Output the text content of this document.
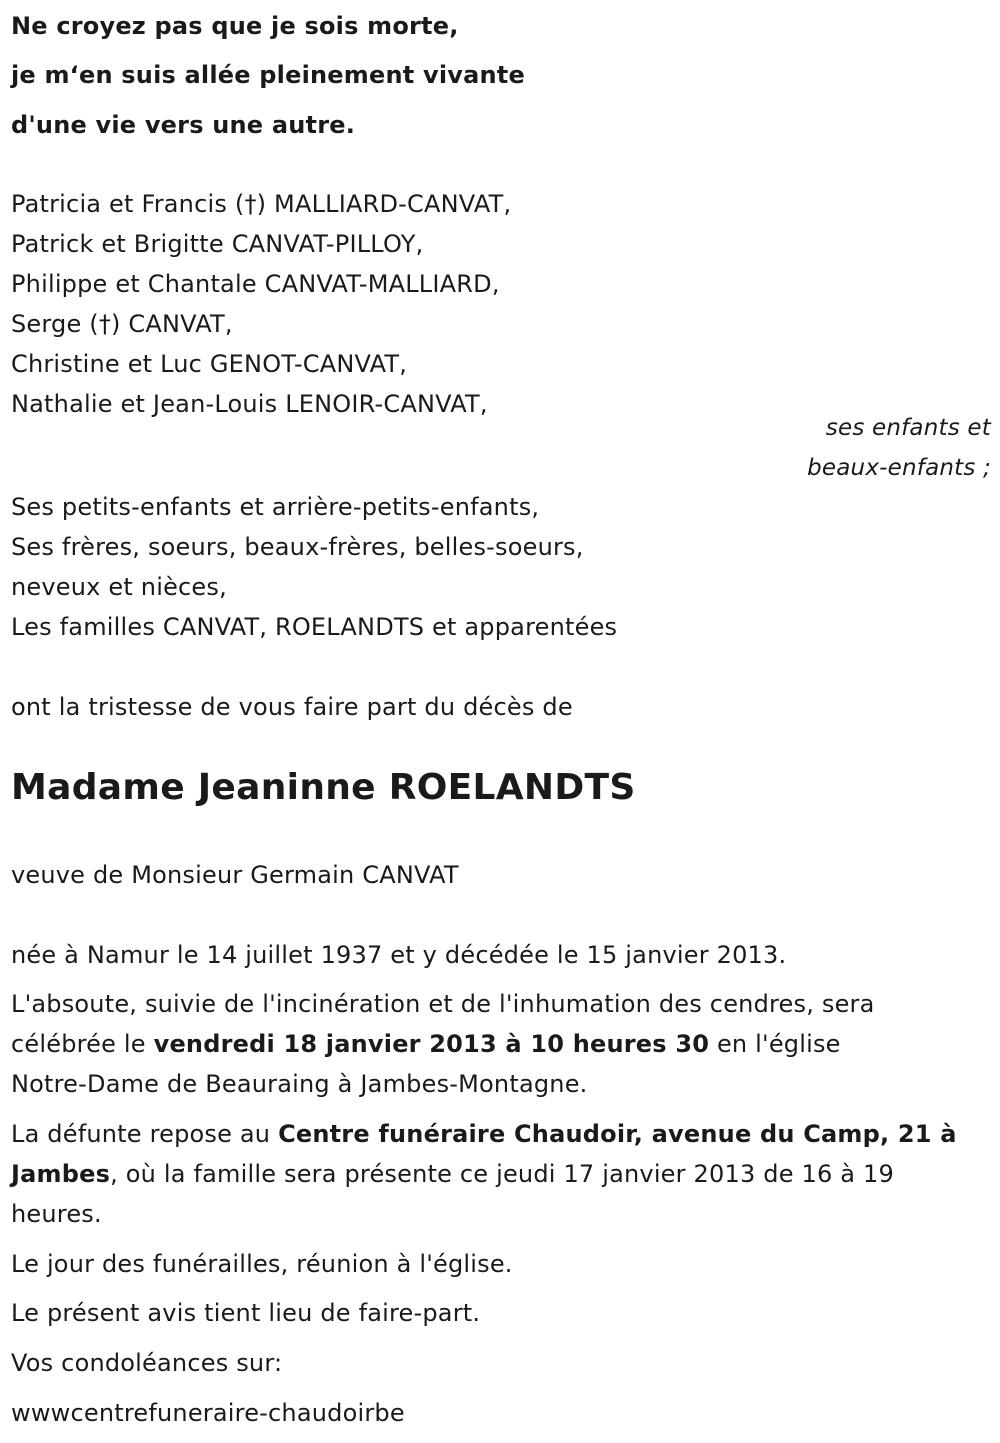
Ne croyez pas que je sois morte,
je m‘en suis allée pleinement vivante
d'une vie vers une autre.
Patricia et Francis (†) MALLIARD-CANVAT,
Patrick et Brigitte CANVAT-PILLOY,
Philippe et Chantale CANVAT-MALLIARD,
Serge (†) CANVAT,
Christine et Luc GENOT-CANVAT,
Nathalie et Jean-Louis LENOIR-CANVAT,
ses enfants et
beaux-enfants ;
Ses petits-enfants et arrière-petits-enfants,
Ses frères, soeurs, beaux-frères, belles-soeurs,
neveux et nièces,
Les familles CANVAT, ROELANDTS et apparentées
ont la tristesse de vous faire part du décès de
Madame Jeaninne ROELANDTS
veuve de Monsieur Germain CANVAT
née à Namur le 14 juillet 1937 et y décédée le 15 janvier 2013.
L'absoute, suivie de l'incinération et de l'inhumation des cendres, sera
célébrée le vendredi 18 janvier 2013 à 10 heures 30 en l'église
Notre-Dame de Beauraing à Jambes-Montagne.
La défunte repose au Centre funéraire Chaudoir, avenue du Camp, 21 à
Jambes, où la famille sera présente ce jeudi 17 janvier 2013 de 16 à 19
heures.
Le jour des funérailles, réunion à l'église.
Le présent avis tient lieu de faire-part.
Vos condoléances sur:
wwwcentrefuneraire-chaudoirbe
